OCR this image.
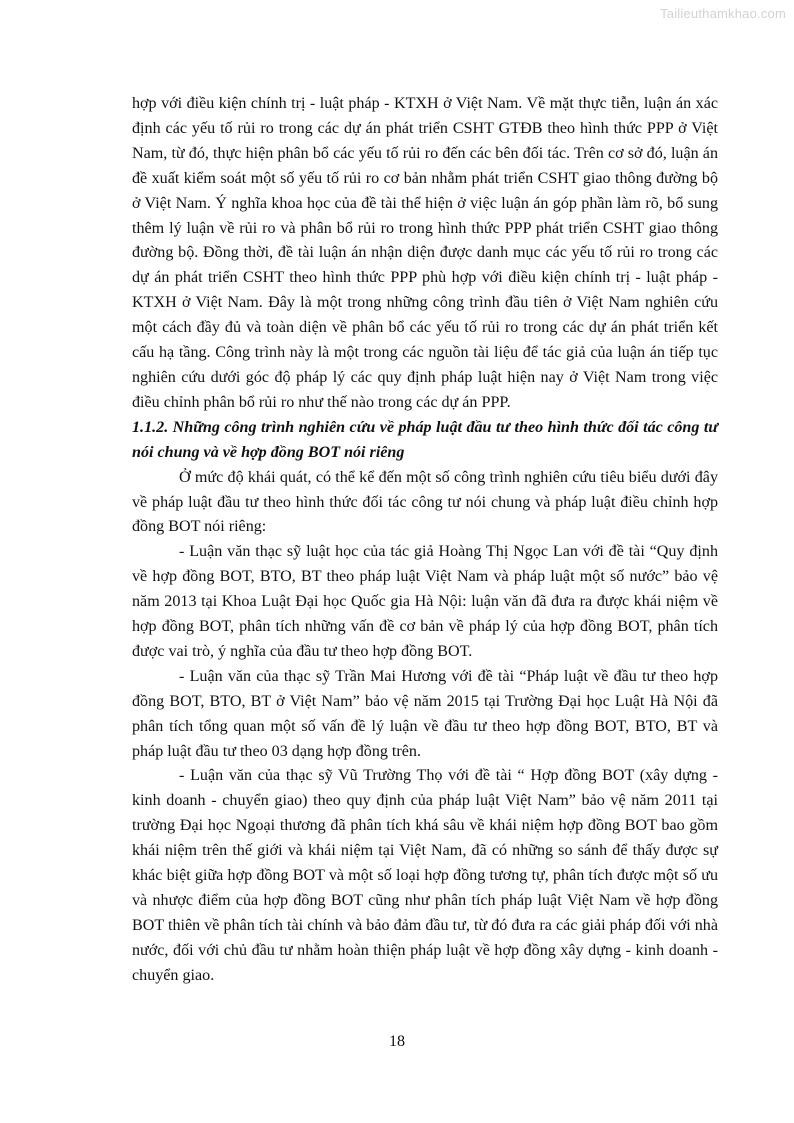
Tailieuthamkhao.com

hợp với điều kiện chính trị - luật pháp - KTXH ở Việt Nam. Về mặt thực tiễn, luận án xác định các yếu tố rủi ro trong các dự án phát triển CSHT GTĐB theo hình thức PPP ở Việt Nam, từ đó, thực hiện phân bổ các yếu tố rủi ro đến các bên đối tác. Trên cơ sở đó, luận án đề xuất kiểm soát một số yếu tố rủi ro cơ bản nhằm phát triển CSHT giao thông đường bộ ở Việt Nam. Ý nghĩa khoa học của đề tài thể hiện ở việc luận án góp phần làm rõ, bổ sung thêm lý luận về rủi ro và phân bổ rủi ro trong hình thức PPP phát triển CSHT giao thông đường bộ. Đồng thời, đề tài luận án nhận diện được danh mục các yếu tố rủi ro trong các dự án phát triển CSHT theo hình thức PPP phù hợp với điều kiện chính trị - luật pháp - KTXH ở Việt Nam. Đây là một trong những công trình đầu tiên ở Việt Nam nghiên cứu một cách đầy đủ và toàn diện về phân bổ các yếu tố rủi ro trong các dự án phát triển kết cấu hạ tầng. Công trình này là một trong các nguồn tài liệu để tác giả của luận án tiếp tục nghiên cứu dưới góc độ pháp lý các quy định pháp luật hiện nay ở Việt Nam trong việc điều chỉnh phân bổ rủi ro như thế nào trong các dự án PPP.

1.1.2. Những công trình nghiên cứu về pháp luật đầu tư theo hình thức đối tác công tư nói chung và về hợp đồng BOT nói riêng

Ở mức độ khái quát, có thể kể đến một số công trình nghiên cứu tiêu biểu dưới đây về pháp luật đầu tư theo hình thức đối tác công tư nói chung và pháp luật điều chỉnh hợp đồng BOT nói riêng:

- Luận văn thạc sỹ luật học của tác giả Hoàng Thị Ngọc Lan với đề tài “Quy định về hợp đồng BOT, BTO, BT theo pháp luật Việt Nam và pháp luật một số nước” bảo vệ năm 2013 tại Khoa Luật Đại học Quốc gia Hà Nội: luận văn đã đưa ra được khái niệm về hợp đồng BOT, phân tích những vấn đề cơ bản về pháp lý của hợp đồng BOT, phân tích được vai trò, ý nghĩa của đầu tư theo hợp đồng BOT.

- Luận văn của thạc sỹ Trần Mai Hương với đề tài “Pháp luật về đầu tư theo hợp đồng BOT, BTO, BT ở Việt Nam” bảo vệ năm 2015 tại Trường Đại học Luật Hà Nội đã phân tích tổng quan một số vấn đề lý luận về đầu tư theo hợp đồng BOT, BTO, BT và pháp luật đầu tư theo 03 dạng hợp đồng trên.

- Luận văn của thạc sỹ Vũ Trường Thọ với đề tài “ Hợp đồng BOT (xây dựng - kinh doanh - chuyển giao) theo quy định của pháp luật Việt Nam” bảo vệ năm 2011 tại trường Đại học Ngoại thương đã phân tích khá sâu về khái niệm hợp đồng BOT bao gồm khái niệm trên thế giới và khái niệm tại Việt Nam, đã có những so sánh để thấy được sự khác biệt giữa hợp đồng BOT và một số loại hợp đồng tương tự, phân tích được một số ưu và nhược điểm của hợp đồng BOT cũng như phân tích pháp luật Việt Nam về hợp đồng BOT thiên về phân tích tài chính và bảo đảm đầu tư, từ đó đưa ra các giải pháp đối với nhà nước, đối với chủ đầu tư nhằm hoàn thiện pháp luật về hợp đồng xây dựng - kinh doanh - chuyển giao.

18
